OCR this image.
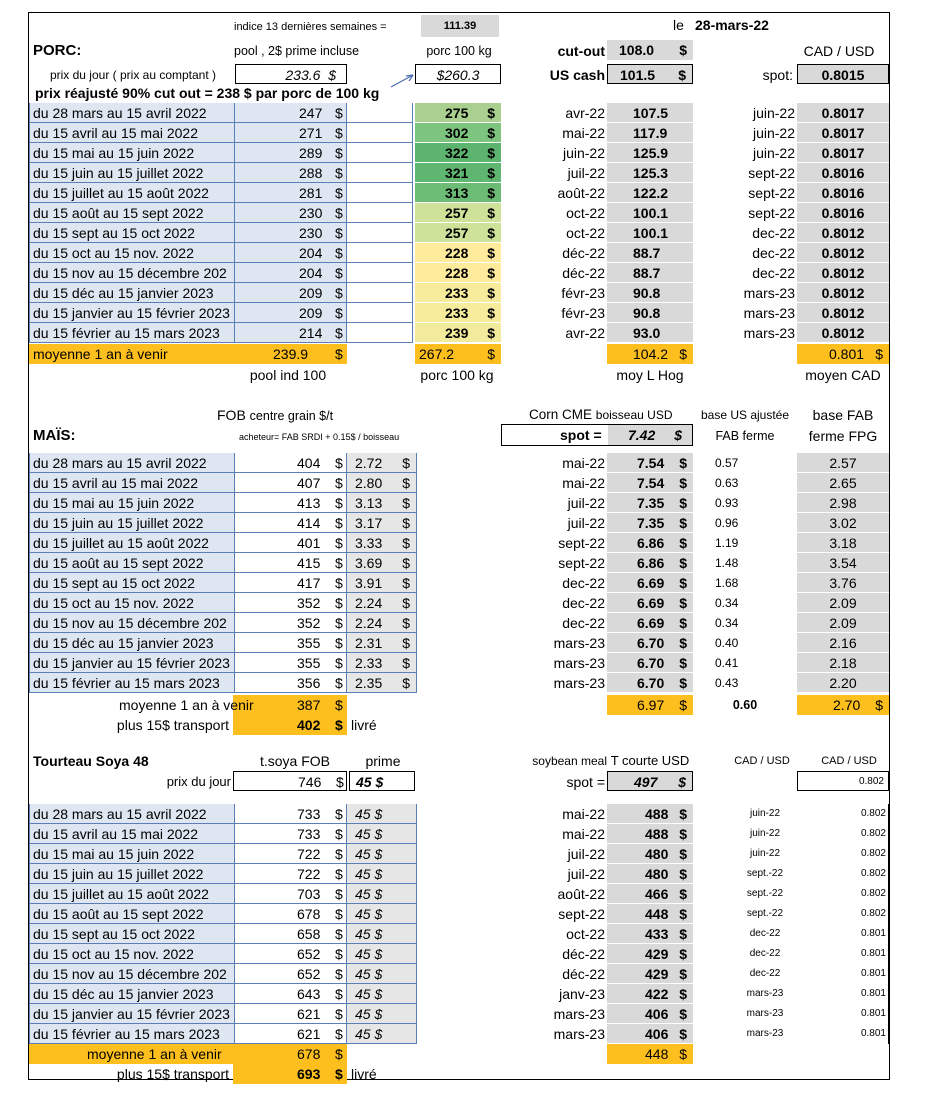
indice 13 dernières semaines =	111.39	le 28-mars-22
PORC:	pool , 2$ prime incluse	porc 100 kg	cut-out 108.0 $	CAD / USD
prix du jour ( prix au comptant )	233.6  $	$260.3	US cash 101.5 $	spot:	0.8015
prix réajusté 90% cut out = 238 $ par porc de 100 kg
du 28 mars au 15 avril 2022	247 $	275 $	avr-22	107.5	juin-22	0.8017
du 15 avril au 15 mai 2022	271 $	302 $	mai-22	117.9	juin-22	0.8017
du 15 mai au 15 juin 2022	289 $	322 $	juin-22	125.9	juin-22	0.8017
du 15 juin au 15 juillet 2022	288 $	321 $	juil-22	125.3	sept-22	0.8016
du 15 juillet au 15 août 2022	281 $	313 $	août-22	122.2	sept-22	0.8016
du 15 août au 15 sept 2022	230 $	257 $	oct-22	100.1	sept-22	0.8016
du 15 sept au 15 oct 2022	230 $	257 $	oct-22	100.1	dec-22	0.8012
du 15 oct au 15 nov. 2022	204 $	228 $	déc-22	88.7	dec-22	0.8012
du 15 nov au 15 décembre 202	204 $	228 $	déc-22	88.7	dec-22	0.8012
du 15 déc au 15 janvier 2023	209 $	233 $	févr-23	90.8	mars-23	0.8012
du 15 janvier au 15 février 2023	209 $	233 $	févr-23	90.8	mars-23	0.8012
du 15 février au 15 mars 2023	214 $	239 $	avr-22	93.0	mars-23	0.8012
moyenne 1 an à venir	239.9 $	267.2 $	104.2 $	0.801 $
pool ind 100	porc 100 kg	moy L Hog	moyen CAD
FOB centre grain $/t	Corn CME boisseau USD	base US ajustée	base FAB
MAÏS:	acheteur= FAB SRDI + 0.15$ / boisseau	spot =	7.42	$	FAB ferme	ferme FPG
du 28 mars au 15 avril 2022	404 $ 2.72 $	mai-22 7.54 $ 0.57	2.57
du 15 avril au 15 mai 2022	407 $ 2.80 $	mai-22 7.54 $ 0.63	2.65
du 15 mai au 15 juin 2022	413 $ 3.13 $	juil-22 7.35 $ 0.93	2.98
du 15 juin au 15 juillet 2022	414 $ 3.17 $	juil-22 7.35 $ 0.96	3.02
du 15 juillet au 15 août 2022	401 $ 3.33 $	sept-22 6.86 $ 1.19	3.18
du 15 août au 15 sept 2022	415 $ 3.69 $	sept-22 6.86 $ 1.48	3.54
du 15 sept au 15 oct 2022	417 $ 3.91 $	dec-22 6.69 $ 1.68	3.76
du 15 oct au 15 nov. 2022	352 $ 2.24 $	dec-22 6.69 $ 0.34	2.09
du 15 nov au 15 décembre 202	352 $ 2.24 $	dec-22 6.69 $ 0.34	2.09
du 15 déc au 15 janvier 2023	355 $ 2.31 $	mars-23 6.70 $ 0.40	2.16
du 15 janvier au 15 février 2023	355 $ 2.33 $	mars-23 6.70 $ 0.41	2.18
du 15 février au 15 mars 2023	356 $ 2.35 $	mars-23 6.70 $ 0.43	2.20
moyenne 1 an à venir	387 $	6.97 $	0.60	2.70 $
plus 15$ transport	402 $ livré
Tourteau Soya 48	t.soya FOB	prime	soybean meal T courte USD	CAD / USD	CAD / USD
prix du jour	746 $ 45 $	spot = 497 $	0.802
du 28 mars au 15 avril 2022	733 $ 45 $	mai-22	488 $	juin-22	0.802
du 15 avril au 15 mai 2022	733 $ 45 $	mai-22	488 $	juin-22	0.802
du 15 mai au 15 juin 2022	722 $ 45 $	juil-22	480 $	juin-22	0.802
du 15 juin au 15 juillet 2022	722 $ 45 $	juil-22	480 $	sept.-22	0.802
du 15 juillet au 15 août 2022	703 $ 45 $	août-22	466 $	sept.-22	0.802
du 15 août au 15 sept 2022	678 $ 45 $	sept-22	448 $	sept.-22	0.802
du 15 sept au 15 oct 2022	658 $ 45 $	oct-22	433 $	dec-22	0.801
du 15 oct au 15 nov. 2022	652 $ 45 $	déc-22	429 $	dec-22	0.801
du 15 nov au 15 décembre 202	652 $ 45 $	déc-22	429 $	dec-22	0.801
du 15 déc au 15 janvier 2023	643 $ 45 $	janv-23	422 $	mars-23	0.801
du 15 janvier au 15 février 2023	621 $ 45 $	mars-23	406 $	mars-23	0.801
du 15 février au 15 mars 2023	621 $ 45 $	mars-23	406 $	mars-23	0.801
moyenne 1 an à venir	678 $	448 $
plus 15$ transport	693 $ livré
